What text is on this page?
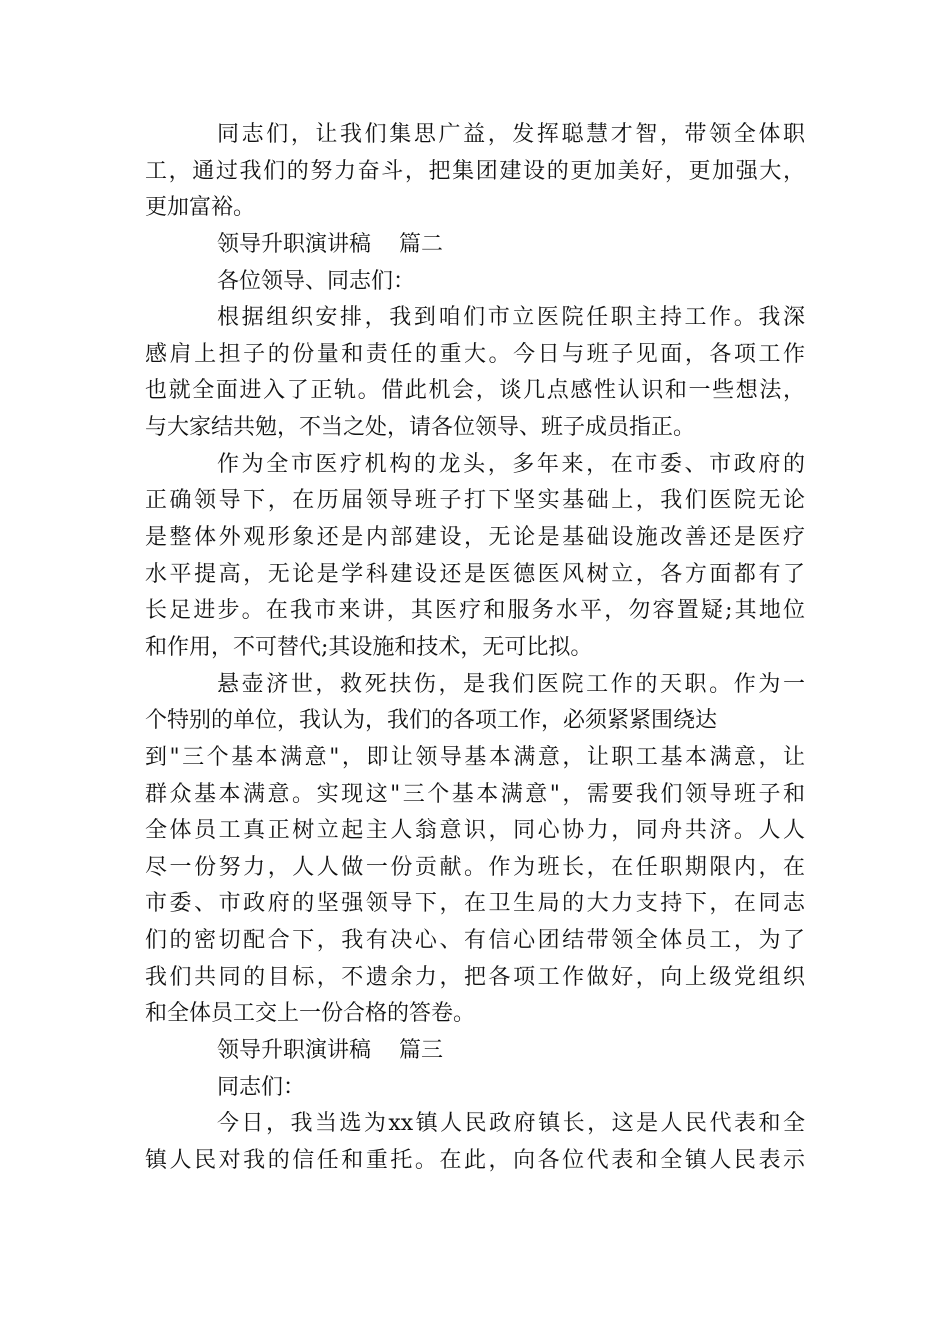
同志们，让我们集思广益，发挥聪慧才智，带领全体职
工，通过我们的努力奋斗，把集团建设的更加美好，更加强大，
更加富裕。
领导升职演讲稿 篇二
各位领导、同志们：
根据组织安排，我到咱们市立医院任职主持工作。我深
感肩上担子的份量和责任的重大。今日与班子见面，各项工作
也就全面进入了正轨。借此机会，谈几点感性认识和一些想法，
与大家结共勉，不当之处，请各位领导、班子成员指正。
作为全市医疗机构的龙头，多年来，在市委、市政府的
正确领导下，在历届领导班子打下坚实基础上，我们医院无论
是整体外观形象还是内部建设，无论是基础设施改善还是医疗
水平提高，无论是学科建设还是医德医风树立，各方面都有了
长足进步。在我市来讲，其医疗和服务水平，勿容置疑;其地位
和作用，不可替代;其设施和技术，无可比拟。
悬壶济世，救死扶伤，是我们医院工作的天职。作为一
个特别的单位，我认为，我们的各项工作，必须紧紧围绕达
到"三个基本满意"，即让领导基本满意，让职工基本满意，让
群众基本满意。实现这"三个基本满意"，需要我们领导班子和
全体员工真正树立起主人翁意识，同心协力，同舟共济。人人
尽一份努力，人人做一份贡献。作为班长，在任职期限内，在
市委、市政府的坚强领导下，在卫生局的大力支持下，在同志
们的密切配合下，我有决心、有信心团结带领全体员工，为了
我们共同的目标，不遗余力，把各项工作做好，向上级党组织
和全体员工交上一份合格的答卷。
领导升职演讲稿 篇三
同志们：
今日，我当选为xx镇人民政府镇长，这是人民代表和全
镇人民对我的信任和重托。在此，向各位代表和全镇人民表示
